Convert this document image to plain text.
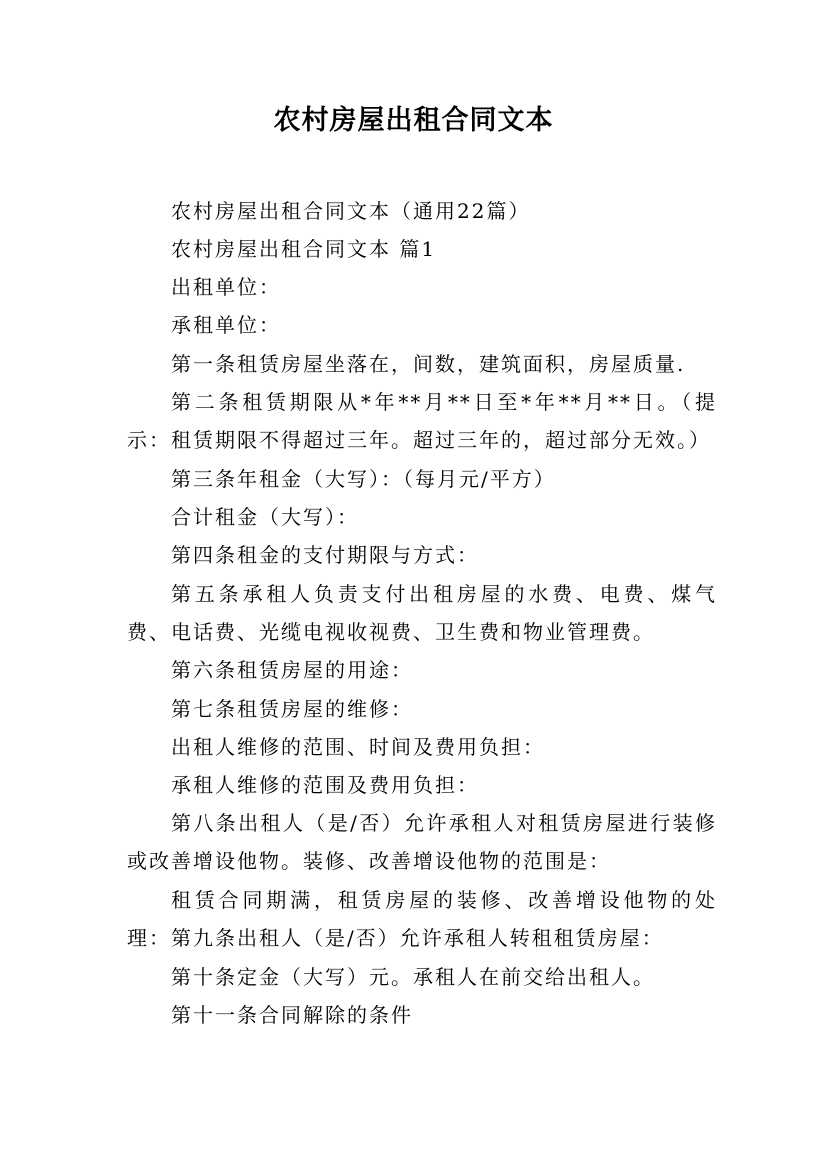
农村房屋出租合同文本
农村房屋出租合同文本（通用22篇）
农村房屋出租合同文本 篇1
出租单位：
承租单位：
第一条租赁房屋坐落在，间数，建筑面积，房屋质量.
第二条租赁期限从*年**月**日至*年**月**日。（提示：租赁期限不得超过三年。超过三年的，超过部分无效。）
第三条年租金（大写）：（每月元/平方）
合计租金（大写）：
第四条租金的支付期限与方式：
第五条承租人负责支付出租房屋的水费、电费、煤气费、电话费、光缆电视收视费、卫生费和物业管理费。
第六条租赁房屋的用途：
第七条租赁房屋的维修：
出租人维修的范围、时间及费用负担：
承租人维修的范围及费用负担：
第八条出租人（是/否）允许承租人对租赁房屋进行装修或改善增设他物。装修、改善增设他物的范围是：
租赁合同期满，租赁房屋的装修、改善增设他物的处理： 第九条出租人（是/否）允许承租人转租租赁房屋：
第十条定金（大写）元。承租人在前交给出租人。
第十一条合同解除的条件
